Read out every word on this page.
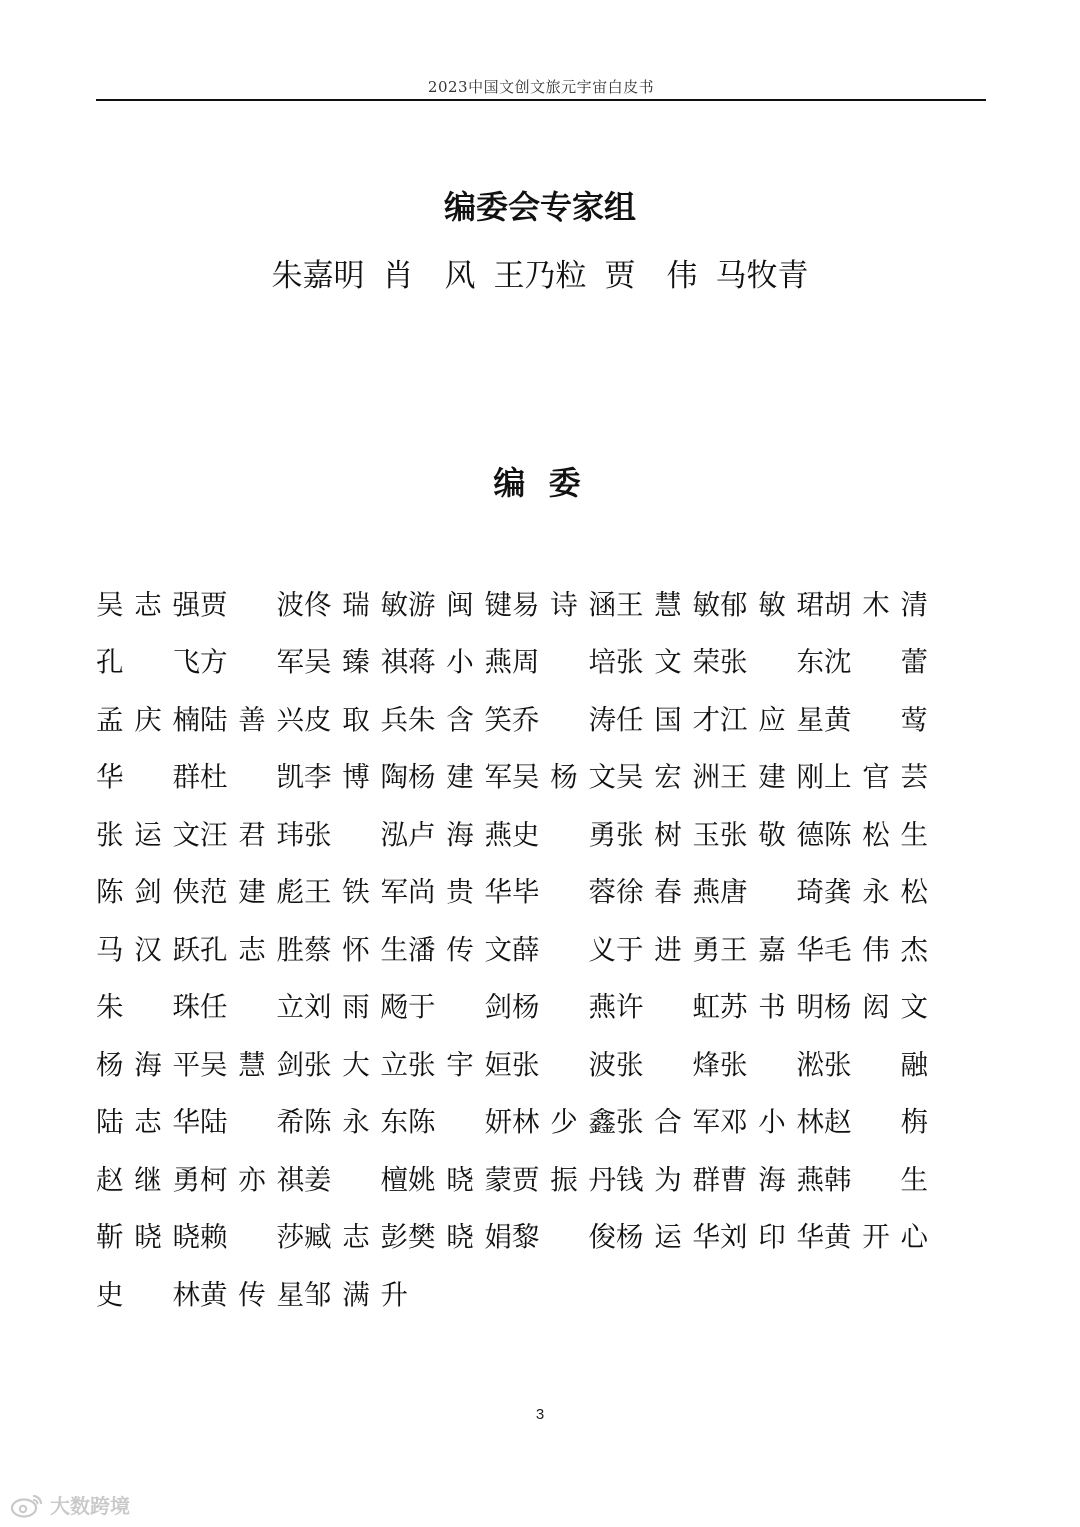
2023中国文创文旅元宇宙白皮书
编委会专家组
朱嘉明 肖　风 王乃粒 贾　伟 马牧青
编 委
吴 志 强 贾 波 佟 瑞 敏 游 闽 键 易 诗 涵 王 慧 敏 郁 敏 珺 胡 木 清
孔 飞 方 军 吴 臻 祺 蒋 小 燕 周 培 张 文 荣 张 东 沈 蕾
孟 庆 楠 陆 善 兴 皮 取 兵 朱 含 笑 乔 涛 任 国 才 江 应 星 黄 莺
华 群 杜 凯 李 博 陶 杨 建 军 吴 杨 文 吴 宏 洲 王 建 刚 上 官 芸
张 运 文 汪 君 玮 张 泓 卢 海 燕 史 勇 张 树 玉 张 敬 德 陈 松 生
陈 剑 侠 范 建 彪 王 铁 军 尚 贵 华 毕 蓉 徐 春 燕 唐 琦 龚 永 松
马 汉 跃 孔 志 胜 蔡 怀 生 潘 传 文 薛 义 于 进 勇 王 嘉 华 毛 伟 杰
朱 珠 任 立 刘 雨 飏 于 剑 杨 燕 许 虹 苏 书 明 杨 闳 文
杨 海 平 吴 慧 剑 张 大 立 张 宇 姮 张 波 张 烽 张 淞 张 融
陆 志 华 陆 希 陈 永 东 陈 妍 林 少 鑫 张 合 军 邓 小 林 赵 栴
赵 继 勇 柯 亦 祺 姜 檀 姚 晓 蒙 贾 振 丹 钱 为 群 曹 海 燕 韩 生
靳 晓 晓 赖 莎 臧 志 彭 樊 晓 娟 黎 俊 杨 运 华 刘 印 华 黄 开 心
史 林 黄 传 星 邹 满 升
3
大数跨境
